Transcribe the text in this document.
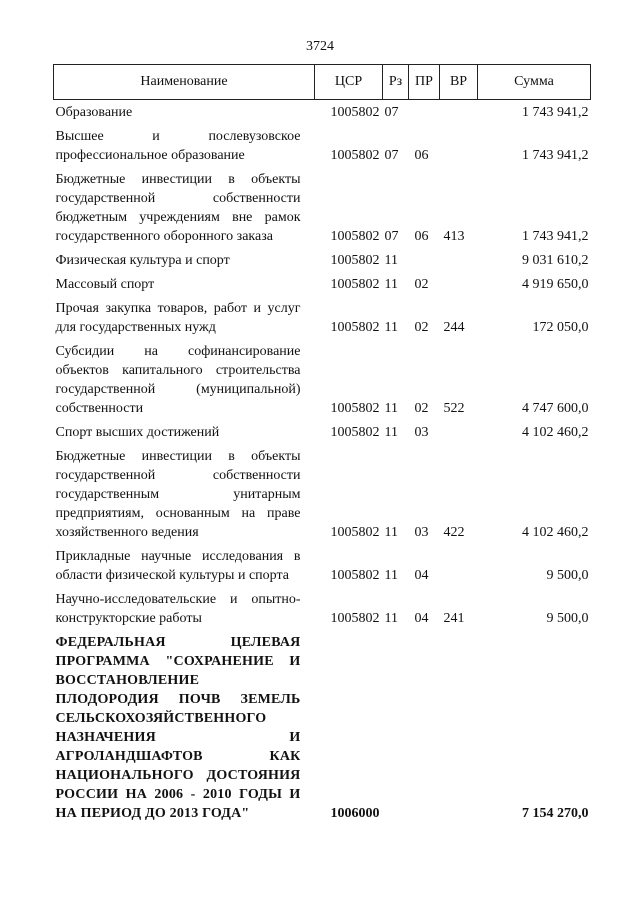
3724
Наименование	ЦСР	Рз	ПР	ВР	Сумма

Образование	1005802	07			1 743 941,2

Высшее и послевузовское профессиональное образование	1005802	07	06		1 743 941,2

Бюджетные инвестиции в объекты государственной собственности бюджетным учреждениям вне рамок государственного оборонного заказа	1005802	07	06	413	1 743 941,2

Физическая культура и спорт	1005802	11			9 031 610,2

Массовый спорт	1005802	11	02		4 919 650,0

Прочая закупка товаров, работ и услуг для государственных нужд	1005802	11	02	244	172 050,0

Субсидии на софинансирование объектов капитального строительства государственной (муниципальной) собственности	1005802	11	02	522	4 747 600,0

Спорт высших достижений	1005802	11	03		4 102 460,2

Бюджетные инвестиции в объекты государственной собственности государственным унитарным предприятиям, основанным на праве хозяйственного ведения	1005802	11	03	422	4 102 460,2

Прикладные научные исследования в области физической культуры и спорта	1005802	11	04		9 500,0

Научно-исследовательские и опытно-конструкторские работы	1005802	11	04	241	9 500,0

ФЕДЕРАЛЬНАЯ ЦЕЛЕВАЯ ПРОГРАММА "СОХРАНЕНИЕ И ВОССТАНОВЛЕНИЕ ПЛОДОРОДИЯ ПОЧВ ЗЕМЕЛЬ СЕЛЬСКОХОЗЯЙСТВЕННОГО НАЗНАЧЕНИЯ И АГРОЛАНДШАФТОВ КАК НАЦИОНАЛЬНОГО ДОСТОЯНИЯ РОССИИ НА 2006 - 2010 ГОДЫ И НА ПЕРИОД ДО 2013 ГОДА"	1006000				7 154 270,0
